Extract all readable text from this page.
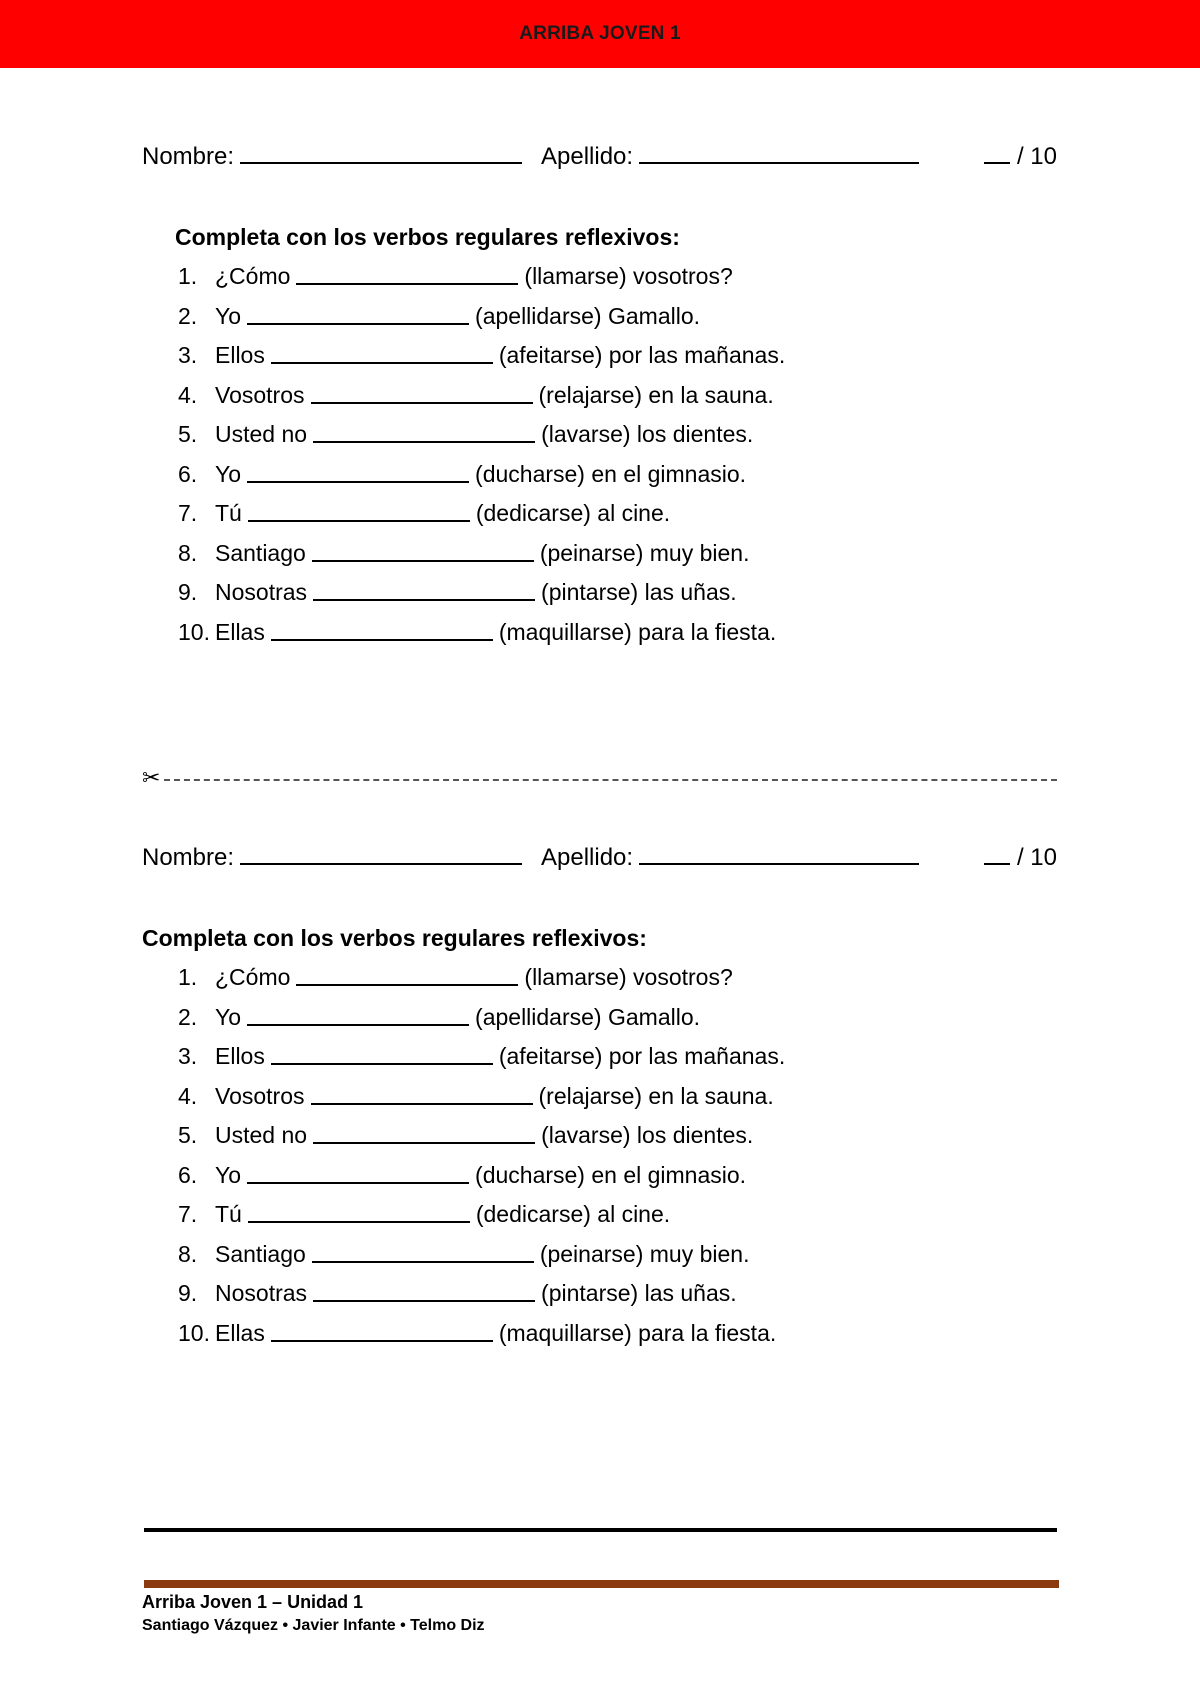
ARRIBA JOVEN 1
Nombre:	Apellido:	/ 10
Completa con los verbos regulares reflexivos:
1. ¿Cómo	(llamarse) vosotros?
2. Yo	(apellidarse) Gamallo.
3. Ellos	(afeitarse) por las mañanas.
4. Vosotros	(relajarse) en la sauna.
5. Usted no	(lavarse) los dientes.
6. Yo	(ducharse) en el gimnasio.
7. Tú	(dedicarse) al cine.
8. Santiago	(peinarse) muy bien.
9. Nosotras	(pintarse) las uñas.
10. Ellas	(maquillarse) para la fiesta.
✂
Nombre:	Apellido:	/ 10
Completa con los verbos regulares reflexivos:
1. ¿Cómo	(llamarse) vosotros?
2. Yo	(apellidarse) Gamallo.
3. Ellos	(afeitarse) por las mañanas.
4. Vosotros	(relajarse) en la sauna.
5. Usted no	(lavarse) los dientes.
6. Yo	(ducharse) en el gimnasio.
7. Tú	(dedicarse) al cine.
8. Santiago	(peinarse) muy bien.
9. Nosotras	(pintarse) las uñas.
10. Ellas	(maquillarse) para la fiesta.
Arriba Joven 1 – Unidad 1
Santiago Vázquez • Javier Infante • Telmo Diz
